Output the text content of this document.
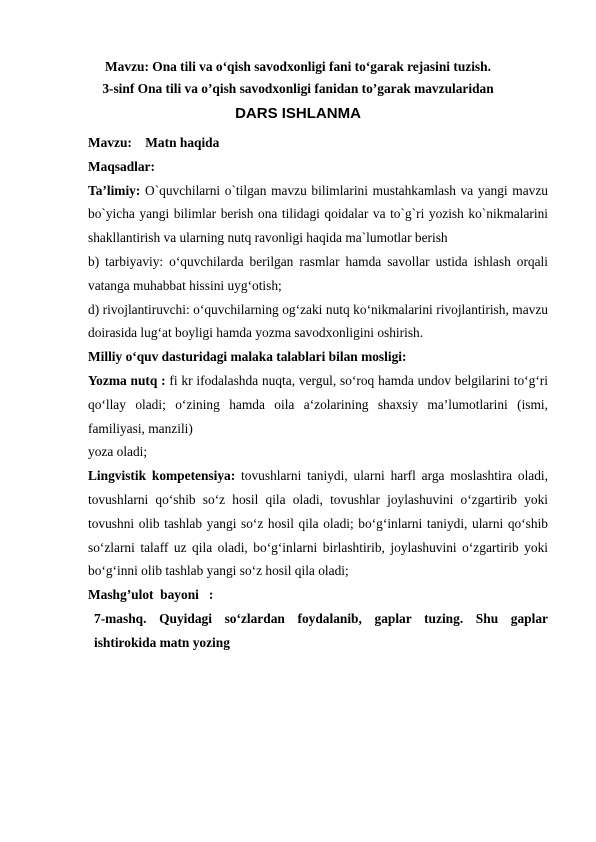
Mavzu: Ona tili va o‘qish savodxonligi fani to‘garak rejasini tuzish.
3-sinf Ona tili va o’qish savodxonligi fanidan to’garak mavzularidan
DARS ISHLANMA

Mavzu: Matn haqida

Maqsadlar:

Ta’limiy: O`quvchilarni o`tilgan mavzu bilimlarini mustahkamlash va yangi mavzu bo`yicha yangi bilimlar berish ona tilidagi qoidalar va to`g`ri yozish ko`nikmalarini shakllantirish va ularning nutq ravonligi haqida ma`lumotlar berish

b) tarbiyaviy: o‘quvchilarda berilgan rasmlar hamda savollar ustida ishlash orqali vatanga muhabbat hissini uyg‘otish;

d) rivojlantiruvchi: o‘quvchilarning og‘zaki nutq ko‘nikmalarini rivojlantirish, mavzu doirasida lug‘at boyligi hamda yozma savodxonligini oshirish.

Milliy o‘quv dasturidagi malaka talablari bilan mosligi:

Yozma nutq : fi kr ifodalashda nuqta, vergul, so‘roq hamda undov belgilarini to‘g‘ri qo‘llay oladi; o‘zining hamda oila a‘zolarining shaxsiy ma’lumotlarini (ismi, familiyasi, manzili)

yoza oladi;

Lingvistik kompetensiya: tovushlarni taniydi, ularni harfl arga moslashtira oladi, tovushlarni qo‘shib so‘z hosil qila oladi, tovushlar joylashuvini o‘zgartirib yoki tovushni olib tashlab yangi so‘z hosil qila oladi; bo‘g‘inlarni taniydi, ularni qo‘shib so‘zlarni talaff uz qila oladi, bo‘g‘inlarni birlashtirib, joylashuvini o‘zgartirib yoki bo‘g‘inni olib tashlab yangi so‘z hosil qila oladi;

Mashg’ulot  bayoni   :

7-mashq. Quyidagi so‘zlardan foydalanib, gaplar tuzing. Shu gaplar ishtirokida matn yozing
